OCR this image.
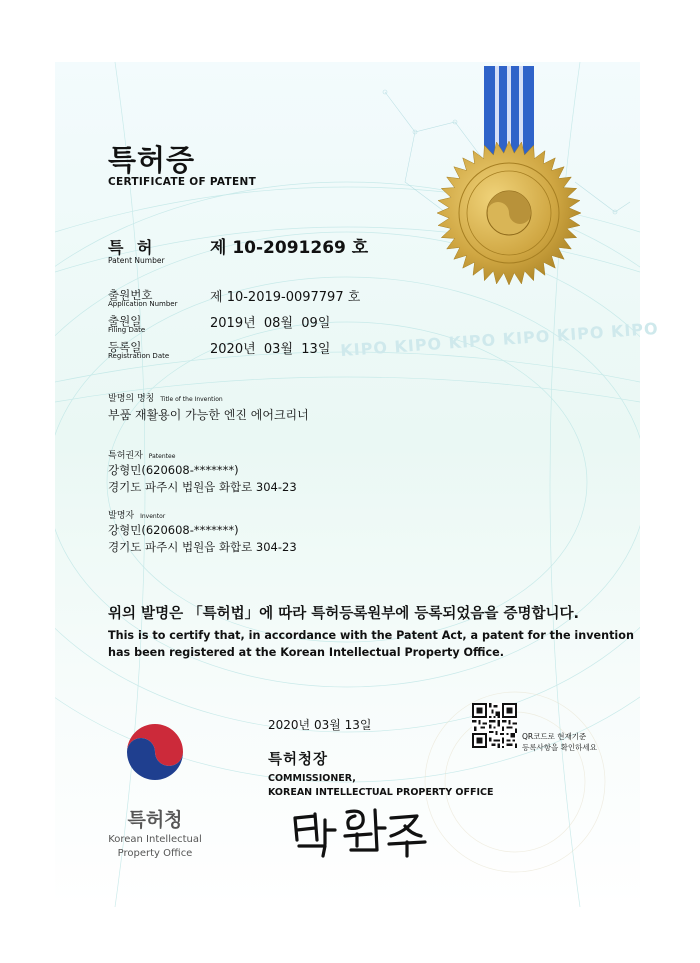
KIPO KIPO KIPO KIPO KIPO KIPO
특허증
CERTIFICATE OF PATENT
특 허
Patent Number
제 10-2091269 호
출원번호
Application Number	제 10-2019-0097797 호
출원일
Filing Date	2019년  08월  09일
등록일
Registration Date	2020년  03월  13일
발명의 명칭 Title of the Invention
부품 재활용이 가능한 엔진 에어크리너
특허권자 Patentee
강형민(620608-*******)
경기도 파주시 법원읍 화합로 304-23
발명자 Inventor
강형민(620608-*******)
경기도 파주시 법원읍 화합로 304-23
위의 발명은 「특허법」에 따라 특허등록원부에 등록되었음을 증명합니다.
This is to certify that, in accordance with the Patent Act, a patent for the invention
has been registered at the Korean Intellectual Property Office.
2020년 03월 13일
특허청장
COMMISSIONER,
KOREAN INTELLECTUAL PROPERTY OFFICE
QR코드로 현재기준
등록사항을 확인하세요
특허청
Korean Intellectual
Property Office
